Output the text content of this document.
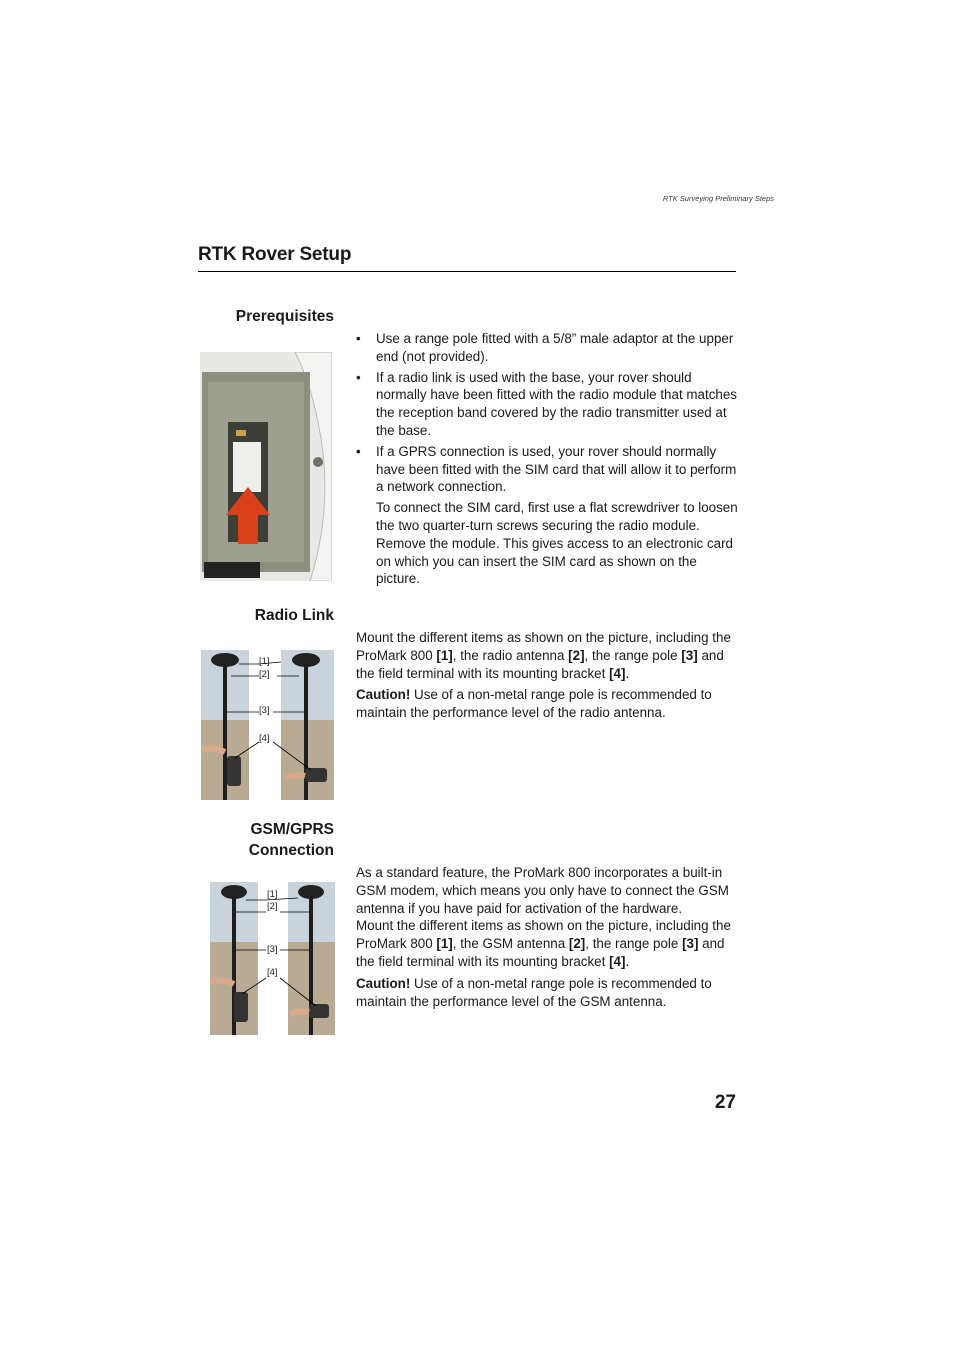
RTK Surveying Preliminary Steps
RTK Rover Setup
Prerequisites
• Use a range pole fitted with a 5/8” male adaptor at the upper end (not provided).
• If a radio link is used with the base, your rover should normally have been fitted with the radio module that matches the reception band covered by the radio transmitter used at the base.
• If a GPRS connection is used, your rover should normally have been fitted with the SIM card that will allow it to perform a network connection.

To connect the SIM card, first use a flat screwdriver to loosen the two quarter-turn screws securing the radio module. Remove the module. This gives access to an electronic card on which you can insert the SIM card as shown on the picture.

Radio Link
[1]
[2]
[3]
[4]

Mount the different items as shown on the picture, including the ProMark 800 [1], the radio antenna [2], the range pole [3] and the field terminal with its mounting bracket [4].

Caution! Use of a non-metal range pole is recommended to maintain the performance level of the radio antenna.

GSM/GPRS
Connection
[1]
[2]
[3]
[4]

As a standard feature, the ProMark 800 incorporates a built-in GSM modem, which means you only have to connect the GSM antenna if you have paid for activation of the hardware.

Mount the different items as shown on the picture, including the ProMark 800 [1], the GSM antenna [2], the range pole [3] and the field terminal with its mounting bracket [4].

Caution! Use of a non-metal range pole is recommended to maintain the performance level of the GSM antenna.

27
